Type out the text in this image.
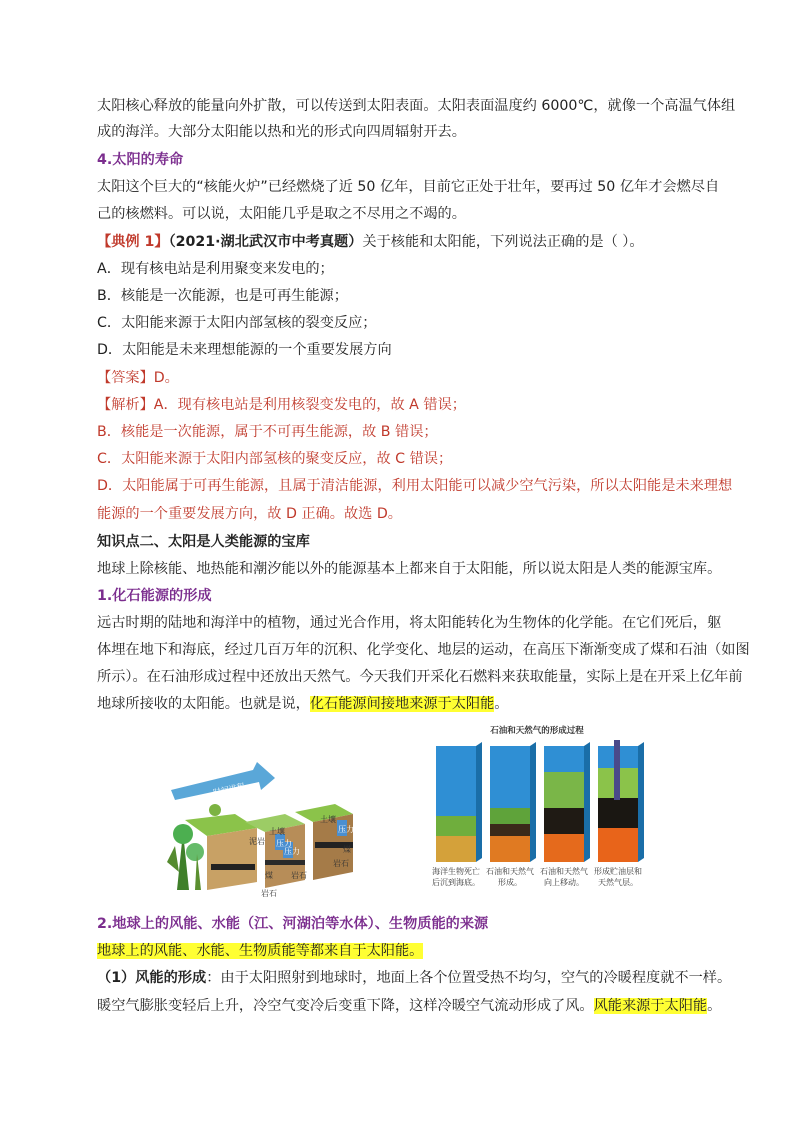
太阳核心释放的能量向外扩散，可以传送到太阳表面。太阳表面温度约 6000℃，就像一个高温气体组
成的海洋。大部分太阳能以热和光的形式向四周辐射开去。
4.太阳的寿命
太阳这个巨大的“核能火炉”已经燃烧了近 50 亿年，目前它正处于壮年，要再过 50 亿年才会燃尽自
己的核燃料。可以说，太阳能几乎是取之不尽用之不竭的。
【典例 1】（2021·湖北武汉市中考真题）关于核能和太阳能，下列说法正确的是（ ）。
A．现有核电站是利用聚变来发电的；
B．核能是一次能源，也是可再生能源；
C．太阳能来源于太阳内部氢核的裂变反应；
D．太阳能是未来理想能源的一个重要发展方向
【答案】D。
【解析】A．现有核电站是利用核裂变发电的，故 A 错误；
B．核能是一次能源，属于不可再生能源，故 B 错误；
C．太阳能来源于太阳内部氢核的聚变反应，故 C 错误；
D．太阳能属于可再生能源，且属于清洁能源，利用太阳能可以减少空气污染，所以太阳能是未来理想
能源的一个重要发展方向，故 D 正确。故选 D。
知识点二、太阳是人类能源的宝库
地球上除核能、地热能和潮汐能以外的能源基本上都来自于太阳能，所以说太阳是人类的能源宝库。
1.化石能源的形成
远古时期的陆地和海洋中的植物，通过光合作用，将太阳能转化为生物体的化学能。在它们死后，躯
体埋在地下和海底，经过几百万年的沉积、化学变化、地层的运动，在高压下渐渐变成了煤和石油（如图
所示）。在石油形成过程中还放出天然气。今天我们开采化石燃料来获取能量，实际上是在开采上亿年前
地球所接收的太阳能。也就是说，化石能源间接地来源于太阳能。
时间进程
泥岩
土壤
土壤
压力
压力
压力	煤
岩石
岩石
岩石
煤
石油和天然气的形成过程
海洋生物死亡后沉到海底。
石油和天然气形成。
石油和天然气向上移动。
形成贮油层和天然气层。
2.地球上的风能、水能（江、河湖泊等水体）、生物质能的来源
地球上的风能、水能、生物质能等都来自于太阳能。
（1）风能的形成：由于太阳照射到地球时，地面上各个位置受热不均匀，空气的冷暖程度就不一样。
暖空气膨胀变轻后上升，冷空气变冷后变重下降，这样冷暖空气流动形成了风。风能来源于太阳能。
